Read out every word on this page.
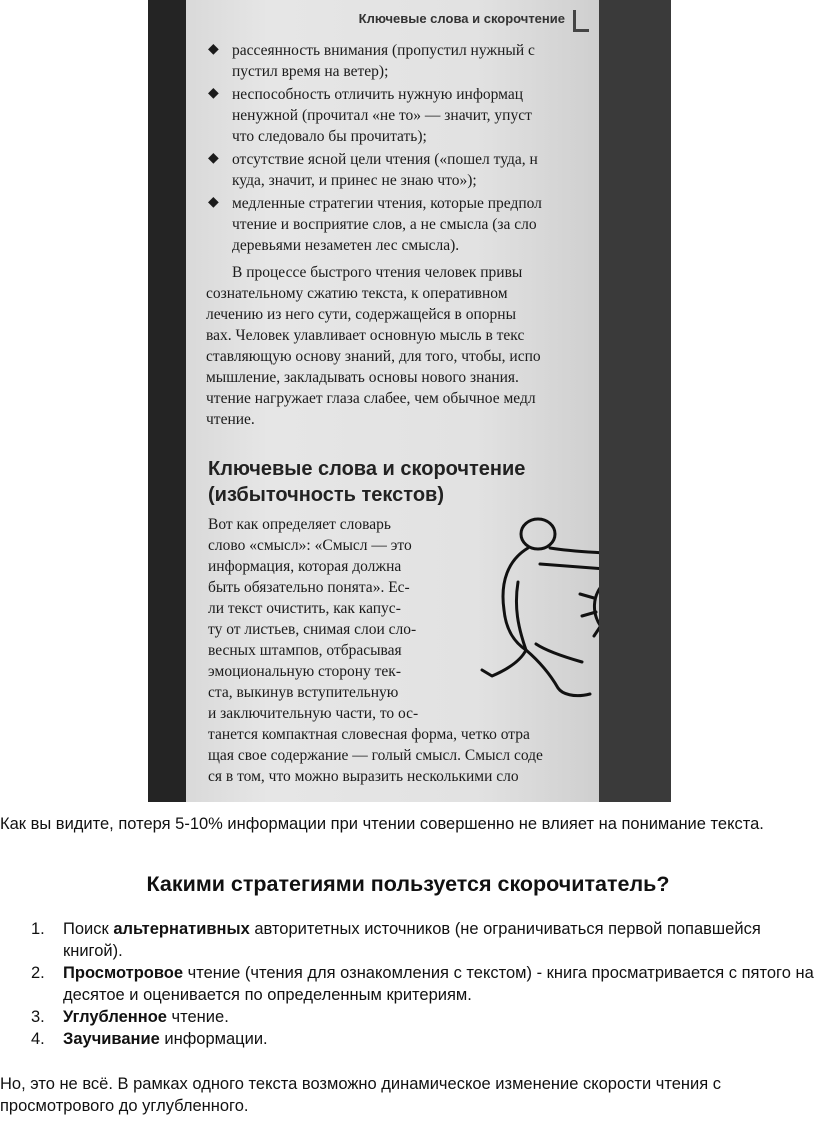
Ключевые слова и скорочтение
◆ рассеянность внимания (пропустил нужный с
пустил время на ветер);
◆ неспособность отличить нужную информац
ненужной (прочитал «не то» — значит, упуст
что следовало бы прочитать);
◆ отсутствие ясной цели чтения («пошел туда, н
куда, значит, и принес не знаю что»);
◆ медленные стратегии чтения, которые предпол
чтение и восприятие слов, а не смысла (за сло
деревьями незаметен лес смысла).
В процессе быстрого чтения человек привы
сознательному сжатию текста, к оперативном
лечению из него сути, содержащейся в опорны
вах. Человек улавливает основную мысль в текс
ставляющую основу знаний, для того, чтобы, испо
мышление, закладывать основы нового знания.
чтение нагружает глаза слабее, чем обычное медл
чтение.
Ключевые слова и скорочтение
(избыточность текстов)
Вот как определяет словарь
слово «смысл»: «Смысл — это
информация, которая должна
быть обязательно понята». Ес-
ли текст очистить, как капус-
ту от листьев, снимая слои сло-
весных штампов, отбрасывая
эмоциональную сторону тек-
ста, выкинув вступительную
и заключительную части, то ос-
танется компактная словесная форма, четко отра
щая свое содержание — голый смысл. Смысл соде
ся в том, что можно выразить несколькими сло

Как вы видите, потеря 5-10% информации при чтении совершенно не влияет на понимание текста.

Какими стратегиями пользуется скорочитатель?
1. Поиск альтернативных авторитетных источников (не ограничиваться первой попавшейся книгой).
2. Просмотровое чтение (чтения для ознакомления с текстом) - книга просматривается с пятого на десятое и оценивается по определенным критериям.
3. Углубленное чтение.
4. Заучивание информации.

Но, это не всё. В рамках одного текста возможно динамическое изменение скорости чтения с просмотрового до углубленного.
